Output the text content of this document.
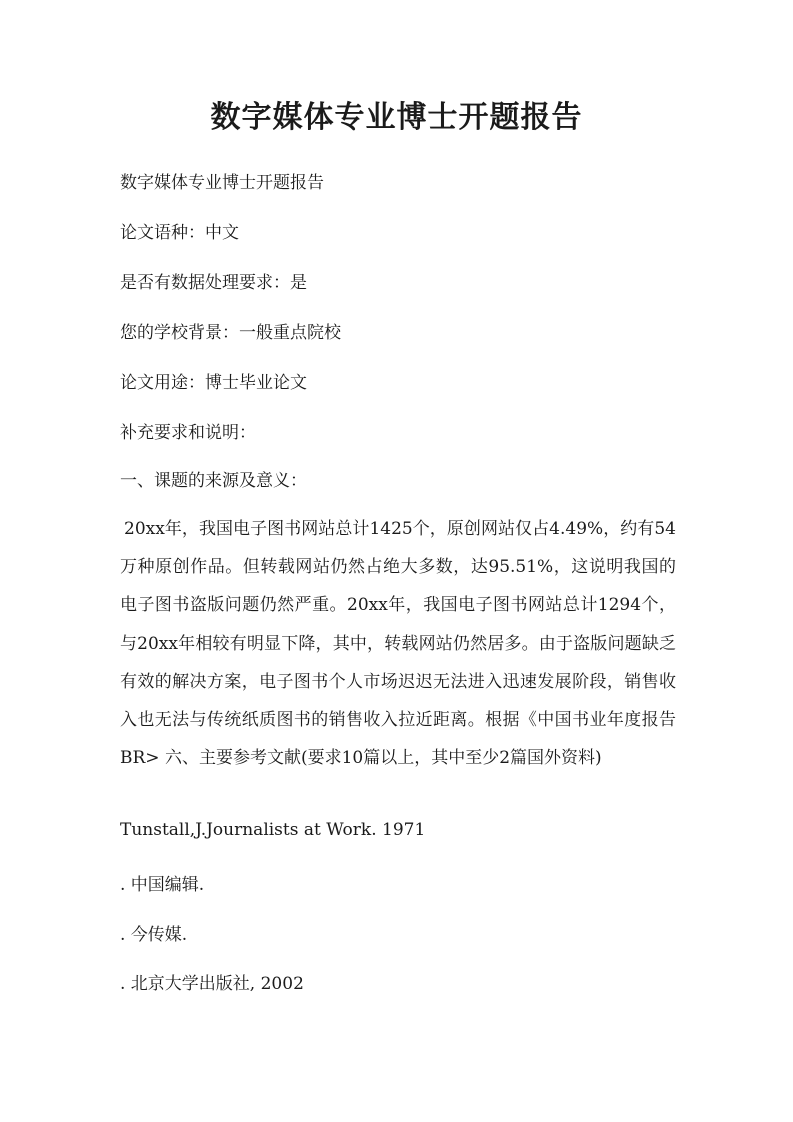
数字媒体专业博士开题报告

数字媒体专业博士开题报告

论文语种：中文

是否有数据处理要求：是

您的学校背景：一般重点院校

论文用途：博士毕业论文

补充要求和说明：

一、课题的来源及意义：

20xx年，我国电子图书网站总计1425个，原创网站仅占4.49%，约有54万种原创作品。但转载网站仍然占绝大多数，达95.51%，这说明我国的电子图书盗版问题仍然严重。20xx年，我国电子图书网站总计1294个，与20xx年相较有明显下降，其中，转载网站仍然居多。由于盗版问题缺乏有效的解决方案，电子图书个人市场迟迟无法进入迅速发展阶段，销售收入也无法与传统纸质图书的销售收入拉近距离。根据《中国书业年度报告BR> 六、主要参考文献(要求10篇以上，其中至少2篇国外资料)

Tunstall,J.Journalists at Work. 1971

. 中国编辑.

. 今传媒.

. 北京大学出版社, 2002
